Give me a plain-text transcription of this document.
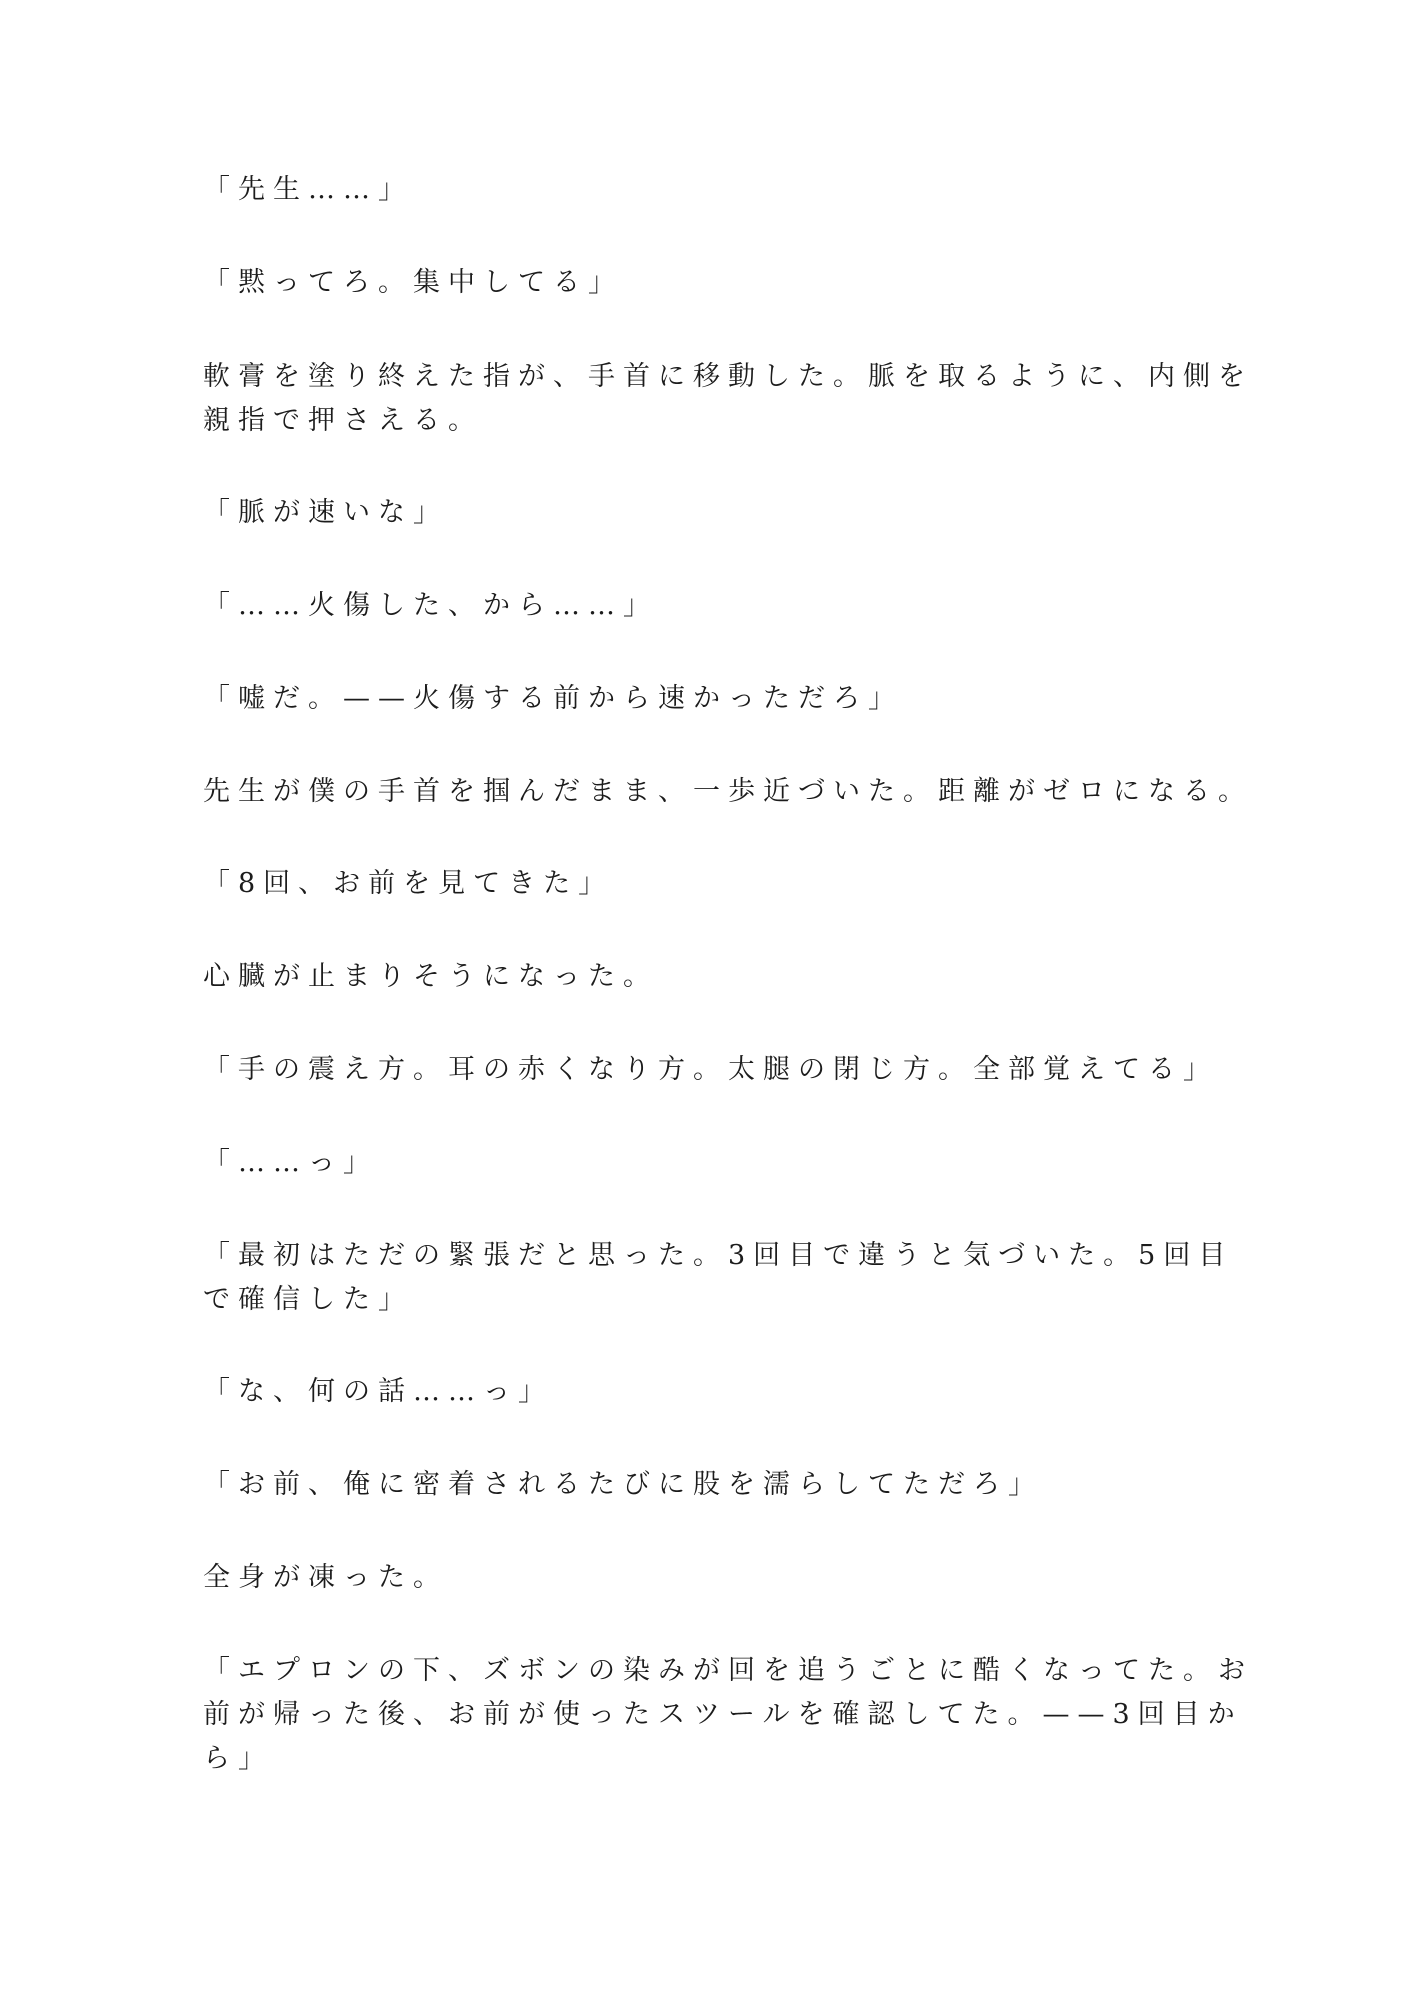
「先生……」

「黙ってろ。集中してる」

軟膏を塗り終えた指が、手首に移動した。脈を取るように、内側を
親指で押さえる。

「脈が速いな」

「……火傷した、から……」

「嘘だ。——火傷する前から速かっただろ」

先生が僕の手首を掴んだまま、一歩近づいた。距離がゼロになる。

「8回、お前を見てきた」

心臓が止まりそうになった。

「手の震え方。耳の赤くなり方。太腿の閉じ方。全部覚えてる」

「……っ」

「最初はただの緊張だと思った。3回目で違うと気づいた。5回目
で確信した」

「な、何の話……っ」

「お前、俺に密着されるたびに股を濡らしてただろ」

全身が凍った。

「エプロンの下、ズボンの染みが回を追うごとに酷くなってた。お
前が帰った後、お前が使ったスツールを確認してた。——3回目か
ら」
